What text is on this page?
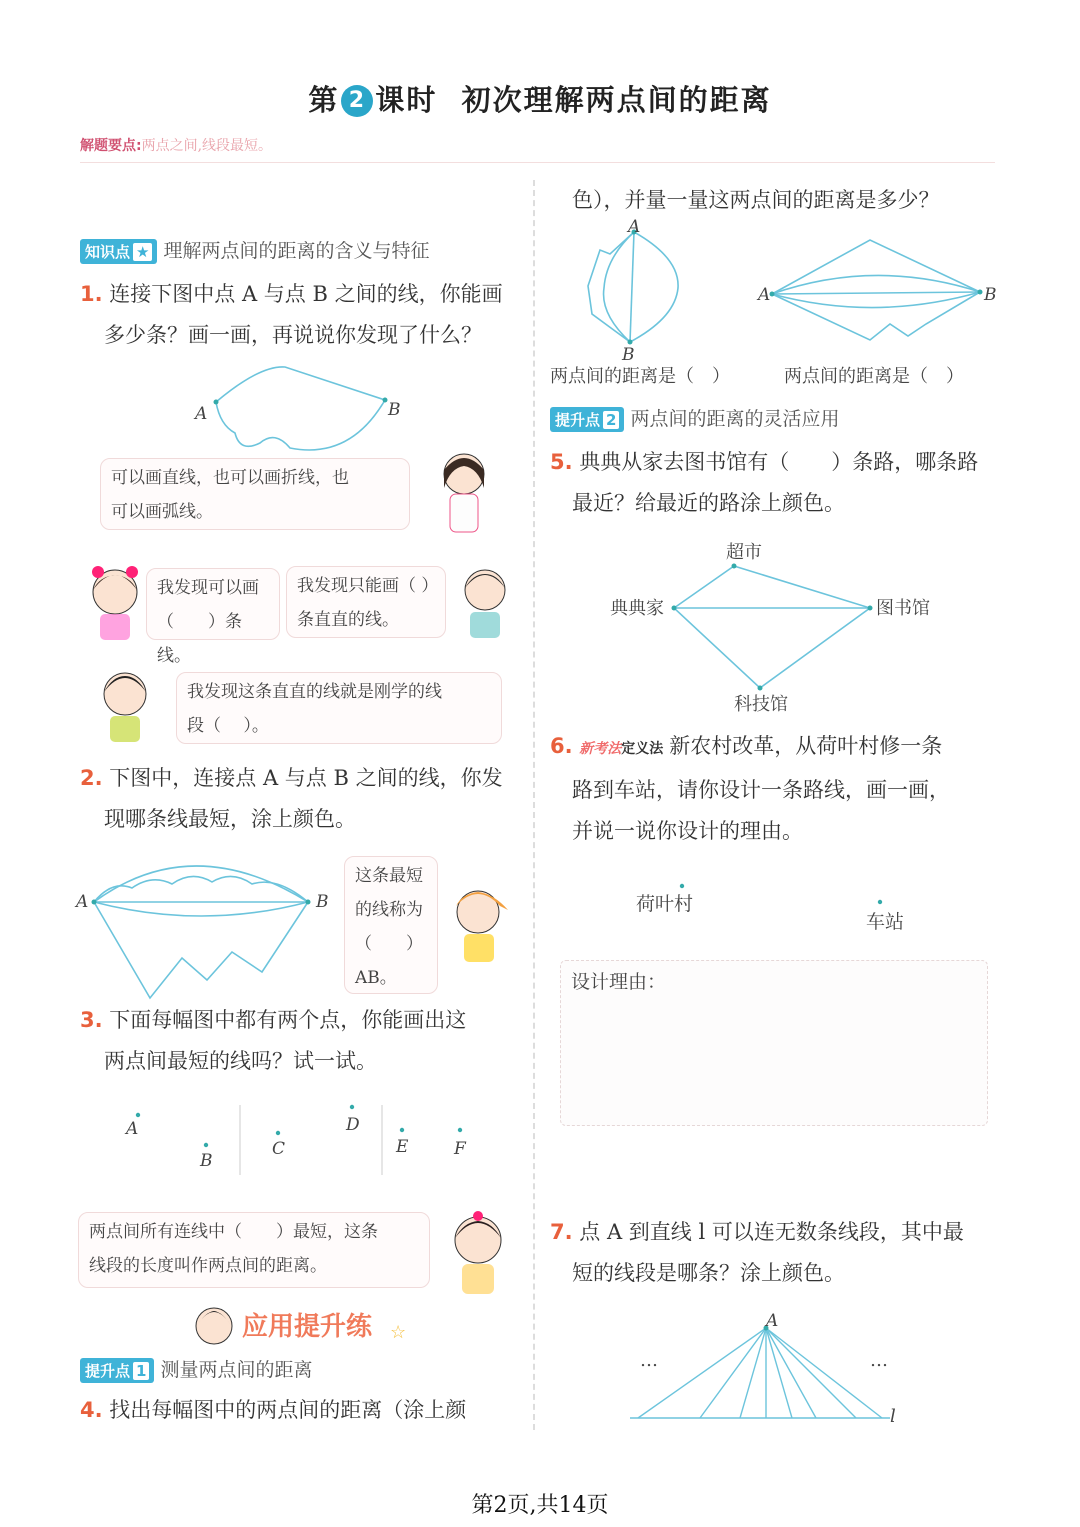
第 2 课时 初次理解两点间的距离
解题要点:两点之间,线段最短。
知识点 ★ 理解两点间的距离的含义与特征
1. 连接下图中点 A 与点 B 之间的线，你能画
多少条？画一画，再说说你发现了什么？
A	B
可以画直线，也可以画折线，也
可以画弧线。
我发现可以画
（　　）条线。
我发现只能画（ ）
条直直的线。
我发现这条直直的线就是刚学的线
段（　 ）。
2. 下图中，连接点 A 与点 B 之间的线，你发
现哪条线最短，涂上颜色。
A	B
这条最短
的线称为
（　　）
AB。
3. 下面每幅图中都有两个点，你能画出这
两点间最短的线吗？试一试。
A
B
C
D
E	F
两点间所有连线中（　　）最短，这条
线段的长度叫作两点间的距离。
应用提升练 ☆
提升点 1 测量两点间的距离
4. 找出每幅图中的两点间的距离（涂上颜
色），并量一量这两点间的距离是多少？
A
B
A	B
两点间的距离是（　）	两点间的距离是（　）
提升点 2 两点间的距离的灵活应用
5. 典典从家去图书馆有（　　）条路，哪条路
最近？给最近的路涂上颜色。
超市
典典家	图书馆
科技馆
6. 新考法定义法 新农村改革，从荷叶村修一条
路到车站，请你设计一条路线，画一画，
并说一说你设计的理由。
荷叶村
车站
设计理由：
7. 点 A 到直线 l 可以连无数条线段，其中最
短的线段是哪条？涂上颜色。
A
…	…
l
第2页,共14页
